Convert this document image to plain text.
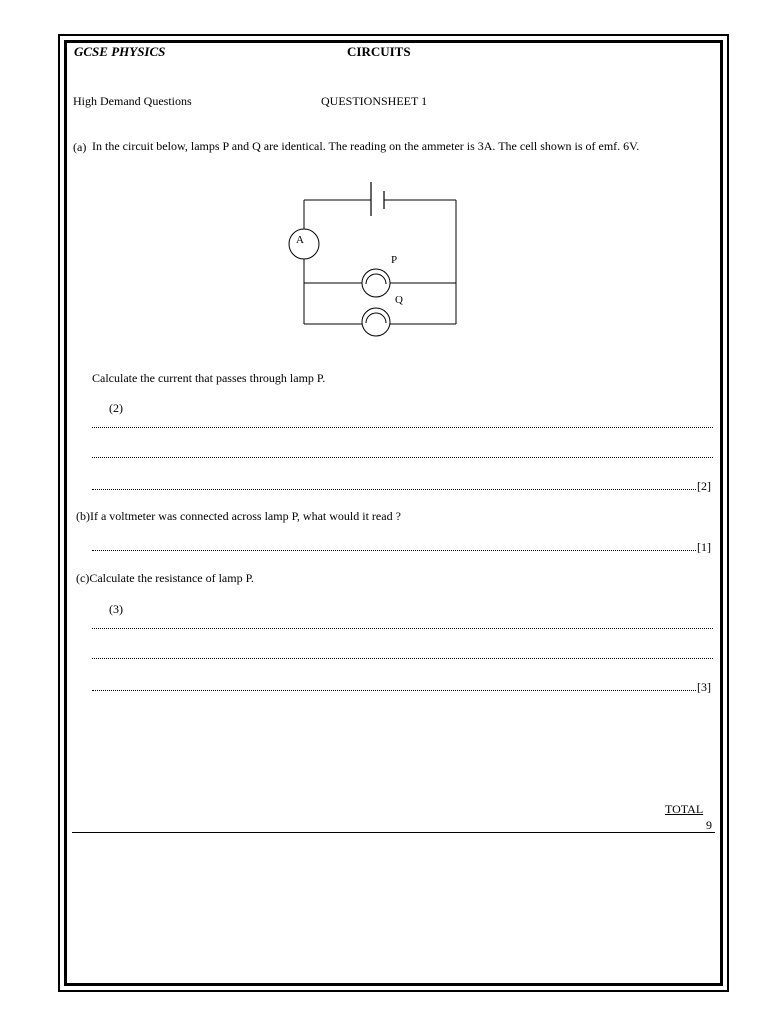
GCSE PHYSICS	CIRCUITS
High Demand Questions	QUESTIONSHEET 1
(a) In the circuit below, lamps P and Q are identical. The reading on the ammeter is 3A. The cell shown is of emf. 6V.
A
P
Q
Calculate the current that passes through lamp P.
(2)
[2]
(b)If a voltmeter was connected across lamp P, what would it read ?
[1]
(c)Calculate the resistance of lamp P.
(3)
[3]
TOTAL
9
